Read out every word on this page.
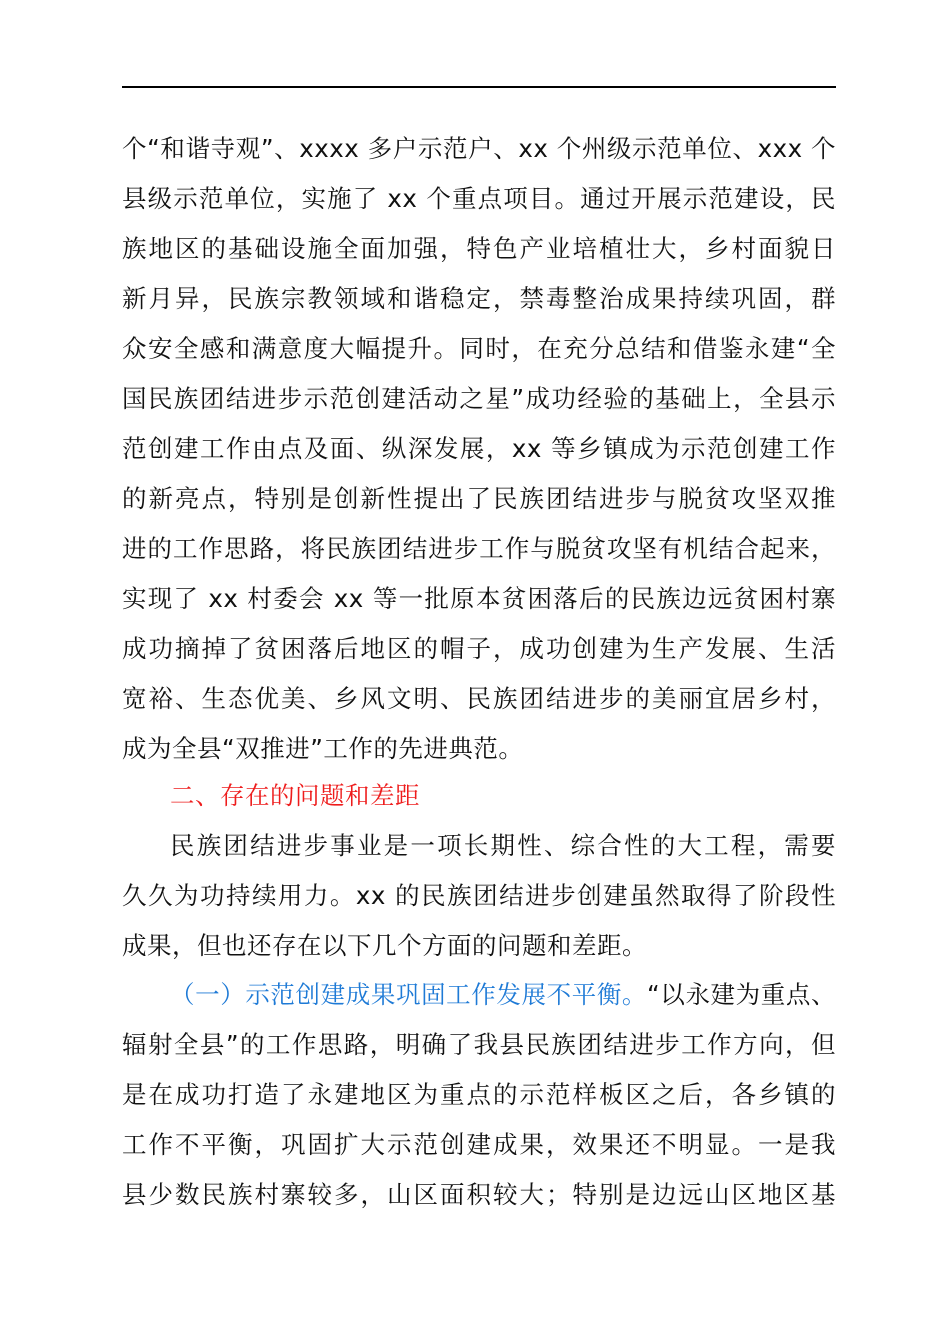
个“和谐寺观”、xxxx 多户示范户、xx 个州级示范单位、xxx 个
县级示范单位，实施了 xx 个重点项目。通过开展示范建设，民
族地区的基础设施全面加强，特色产业培植壮大，乡村面貌日
新月异，民族宗教领域和谐稳定，禁毒整治成果持续巩固，群
众安全感和满意度大幅提升。同时，在充分总结和借鉴永建“全
国民族团结进步示范创建活动之星”成功经验的基础上，全县示
范创建工作由点及面、纵深发展，xx 等乡镇成为示范创建工作
的新亮点，特别是创新性提出了民族团结进步与脱贫攻坚双推
进的工作思路，将民族团结进步工作与脱贫攻坚有机结合起来，
实现了 xx 村委会 xx 等一批原本贫困落后的民族边远贫困村寨
成功摘掉了贫困落后地区的帽子，成功创建为生产发展、生活
宽裕、生态优美、乡风文明、民族团结进步的美丽宜居乡村，
成为全县“双推进”工作的先进典范。
二、存在的问题和差距
民族团结进步事业是一项长期性、综合性的大工程，需要
久久为功持续用力。xx 的民族团结进步创建虽然取得了阶段性
成果，但也还存在以下几个方面的问题和差距。
（一）示范创建成果巩固工作发展不平衡。“以永建为重点、
辐射全县”的工作思路，明确了我县民族团结进步工作方向，但
是在成功打造了永建地区为重点的示范样板区之后，各乡镇的
工作不平衡，巩固扩大示范创建成果，效果还不明显。一是我
县少数民族村寨较多，山区面积较大；特别是边远山区地区基
